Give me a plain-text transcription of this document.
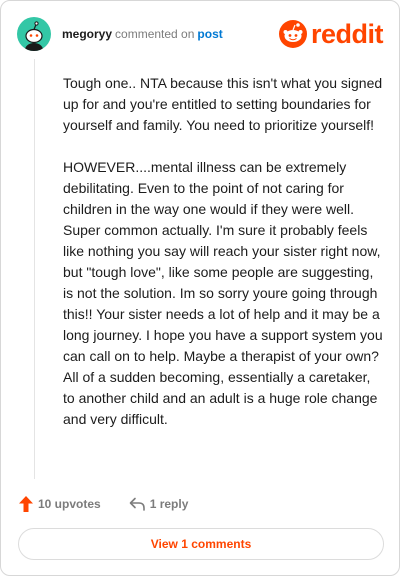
megoryy commented on post	reddit

Tough one.. NTA because this isn't what you signed up for and you're entitled to setting boundaries for yourself and family. You need to prioritize yourself!

HOWEVER....mental illness can be extremely debilitating. Even to the point of not caring for children in the way one would if they were well. Super common actually. I'm sure it probably feels like nothing you say will reach your sister right now, but "tough love", like some people are suggesting, is not the solution. Im so sorry youre going through this!! Your sister needs a lot of help and it may be a long journey. I hope you have a support system you can call on to help. Maybe a therapist of your own? All of a sudden becoming, essentially a caretaker, to another child and an adult is a huge role change and very difficult.

10 upvotes	1 reply
View 1 comments
